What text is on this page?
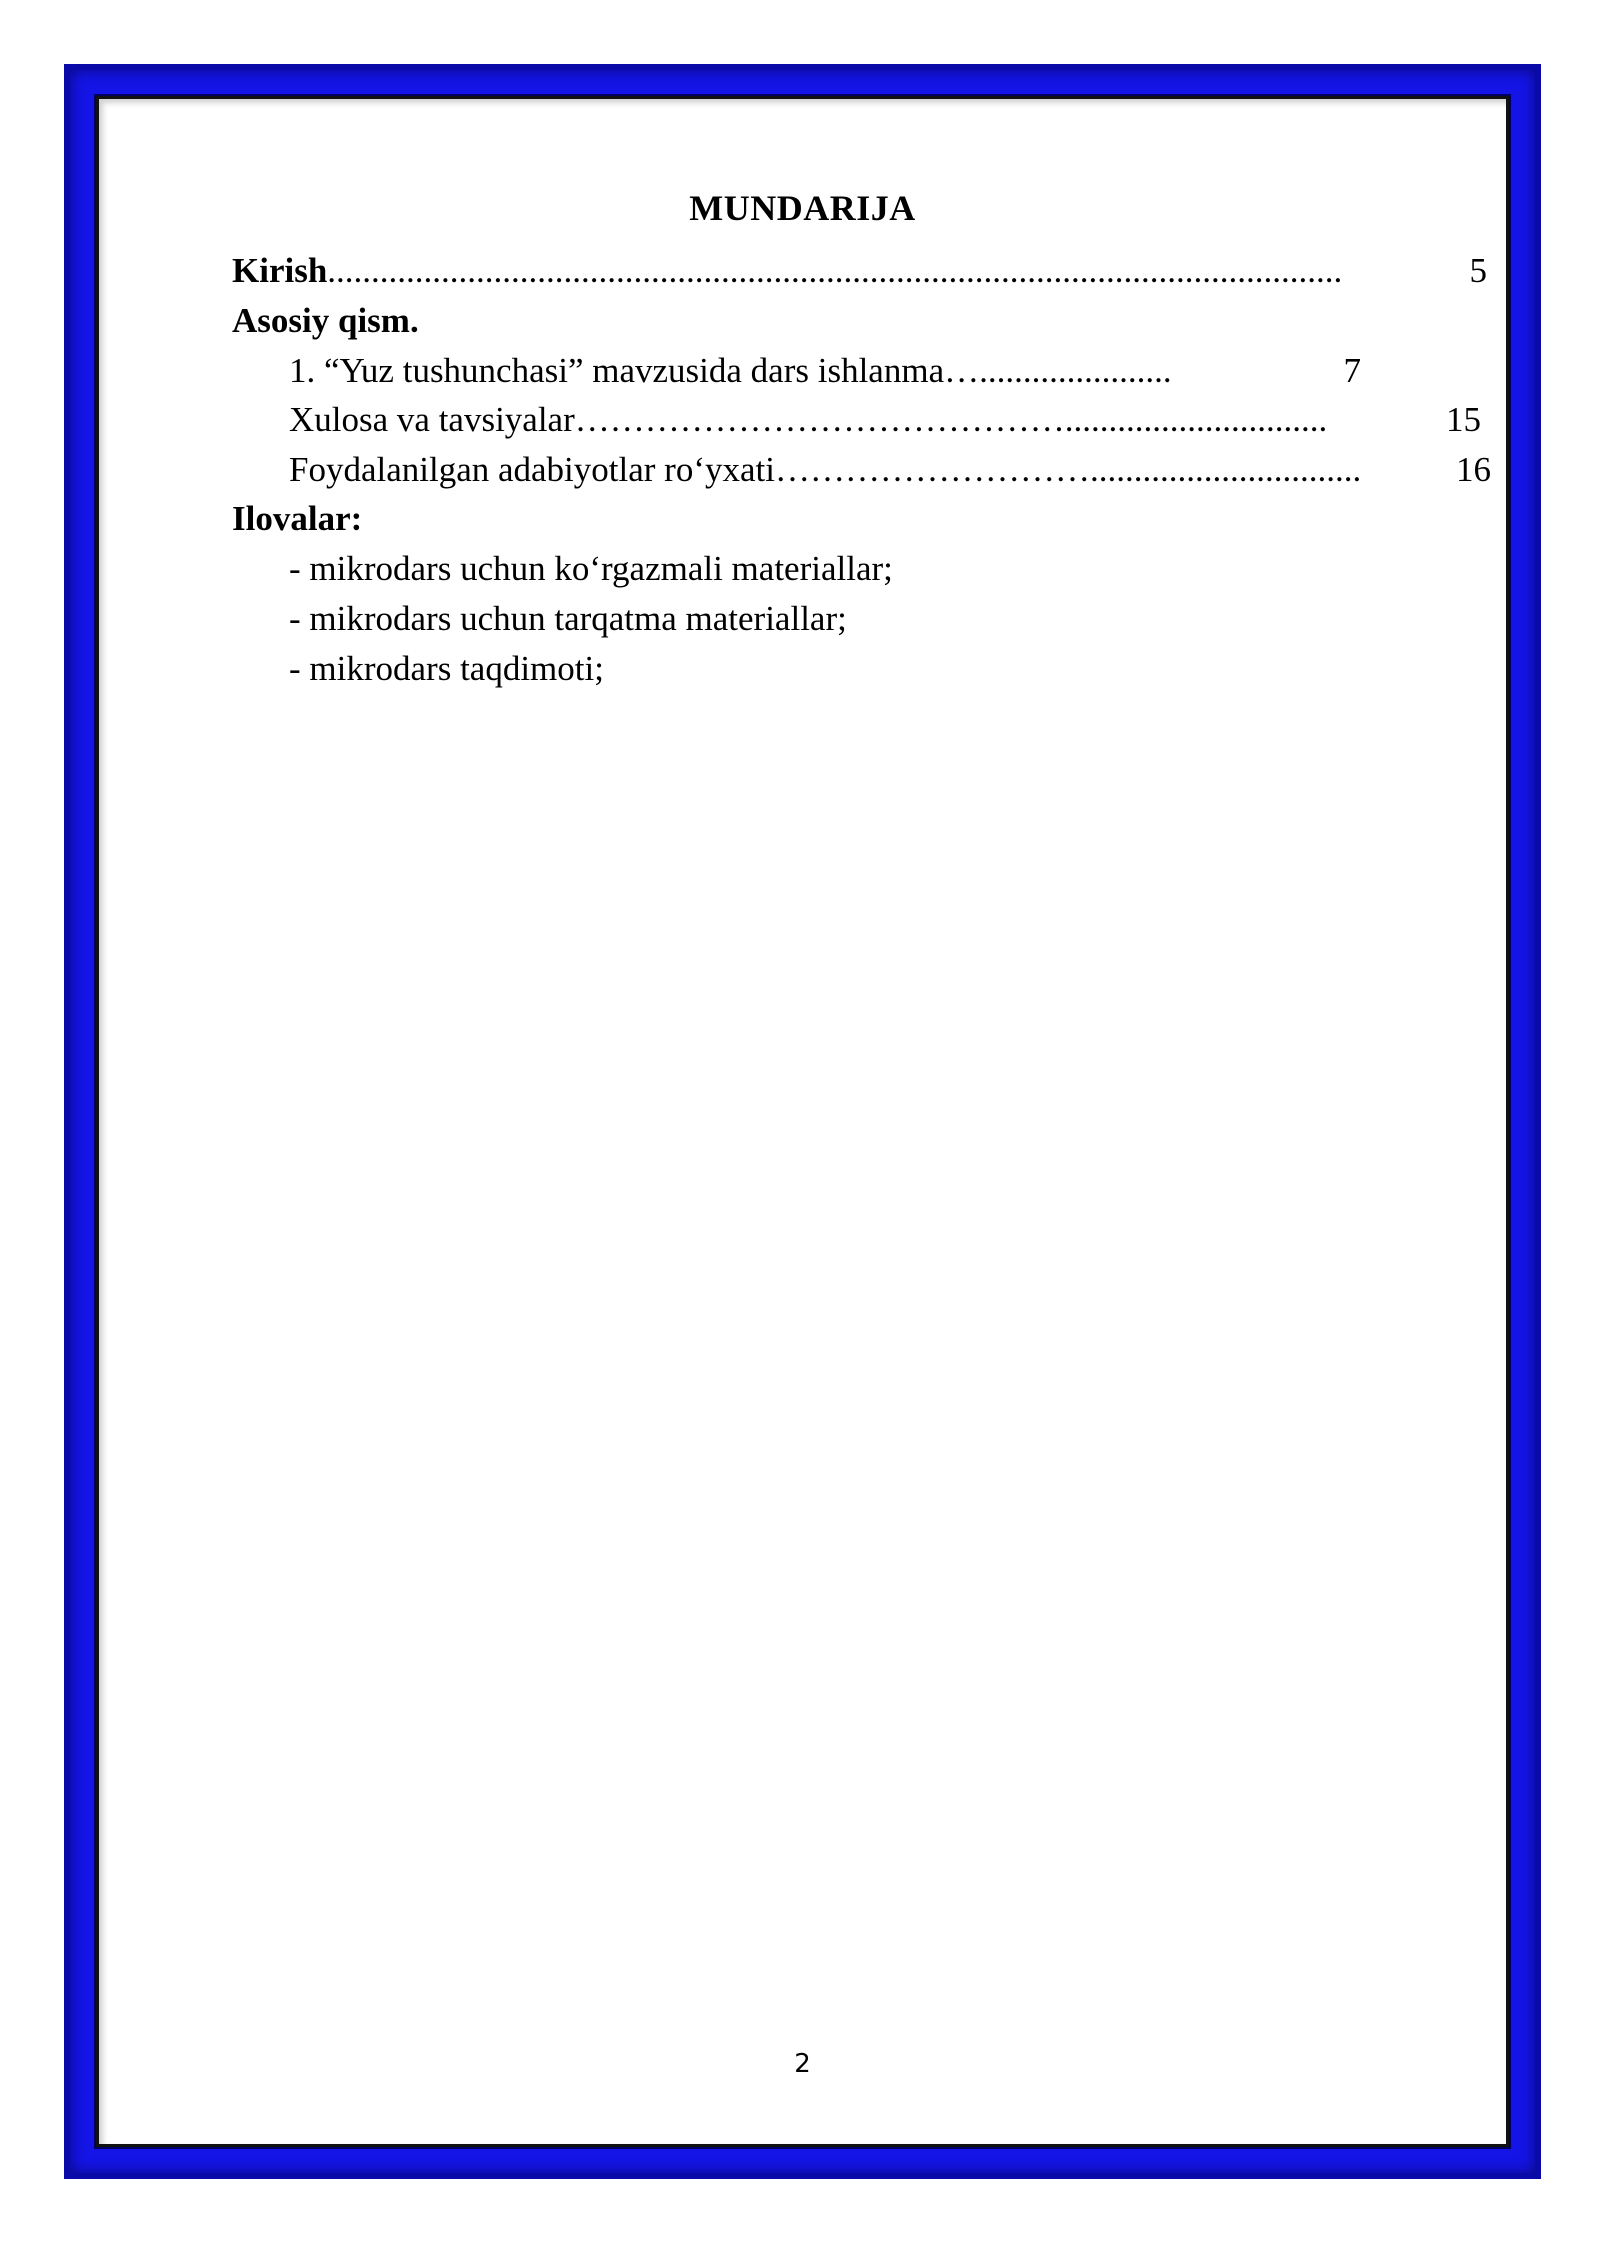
MUNDARIJA
Kirish ....................................................................................................................	5
Asosiy qism.
1. “Yuz tushunchasi” mavzusida dars ishlanma …......................	7
Xulosa va tavsiyalar ……………………………………..............................	15
Foydalanilgan adabiyotlar ro‘yxati ………………………...............................	16
Ilovalar:
- mikrodars uchun ko‘rgazmali materiallar;
- mikrodars uchun tarqatma materiallar;
- mikrodars taqdimoti;
2
